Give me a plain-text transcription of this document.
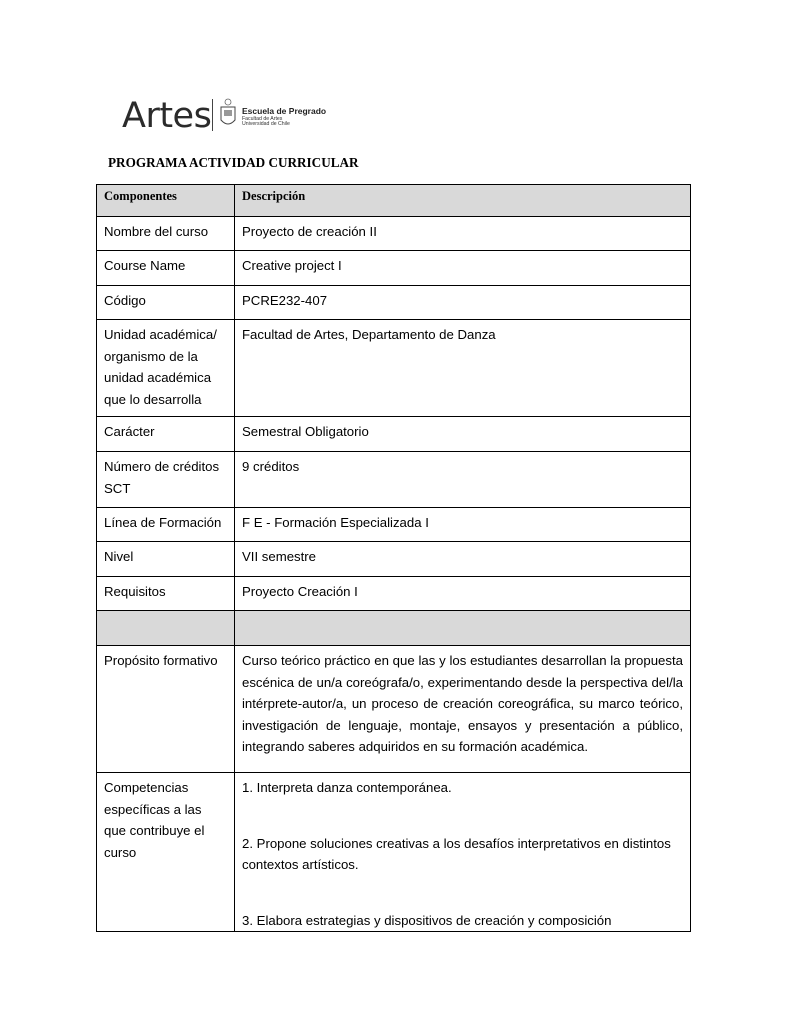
Artes	Escuela de Pregrado
Facultad de Artes
Universidad de Chile
PROGRAMA ACTIVIDAD CURRICULAR
Componentes	Descripción
Nombre del curso	Proyecto de creación II
Course Name	Creative project I
Código	PCRE232-407
Unidad académica/ organismo de la unidad académica que lo desarrolla	Facultad de Artes, Departamento de Danza
Carácter	Semestral Obligatorio
Número de créditos SCT	9 créditos
Línea de Formación	F E - Formación Especializada I
Nivel	VII semestre
Requisitos	Proyecto Creación I

Propósito formativo	Curso teórico práctico en que las y los estudiantes desarrollan la propuesta escénica de un/a coreógrafa/o, experimentando desde la perspectiva del/la intérprete-autor/a, un proceso de creación coreográfica, su marco teórico, investigación de lenguaje, montaje, ensayos y presentación a público, integrando saberes adquiridos en su formación académica.
Competencias específicas a las que contribuye el curso	1. Interpreta danza contemporánea.

2. Propone soluciones creativas a los desafíos interpretativos en distintos contextos artísticos.

3. Elabora estrategias y dispositivos de creación y composición
